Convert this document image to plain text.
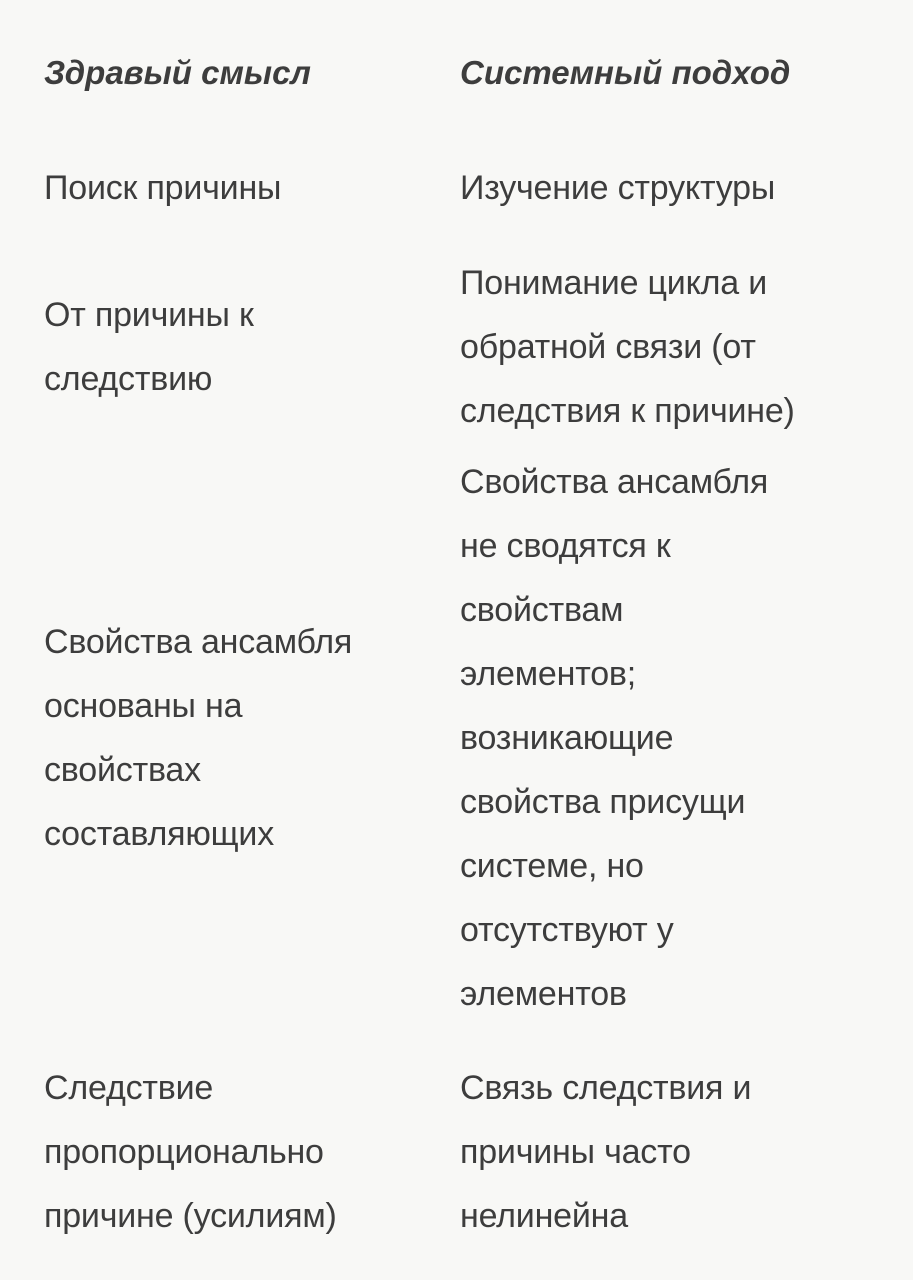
Здравый смысл	Системный подход
Поиск причины	Изучение структуры
От причины к
следствию
Понимание цикла и
обратной связи (от
следствия к причине)
Свойства ансамбля
основаны на
свойствах
составляющих
Свойства ансамбля
не сводятся к
свойствам
элементов;
возникающие
свойства присущи
системе, но
отсутствуют у
элементов
Следствие
пропорционально
причине (усилиям)
Связь следствия и
причины часто
нелинейна
